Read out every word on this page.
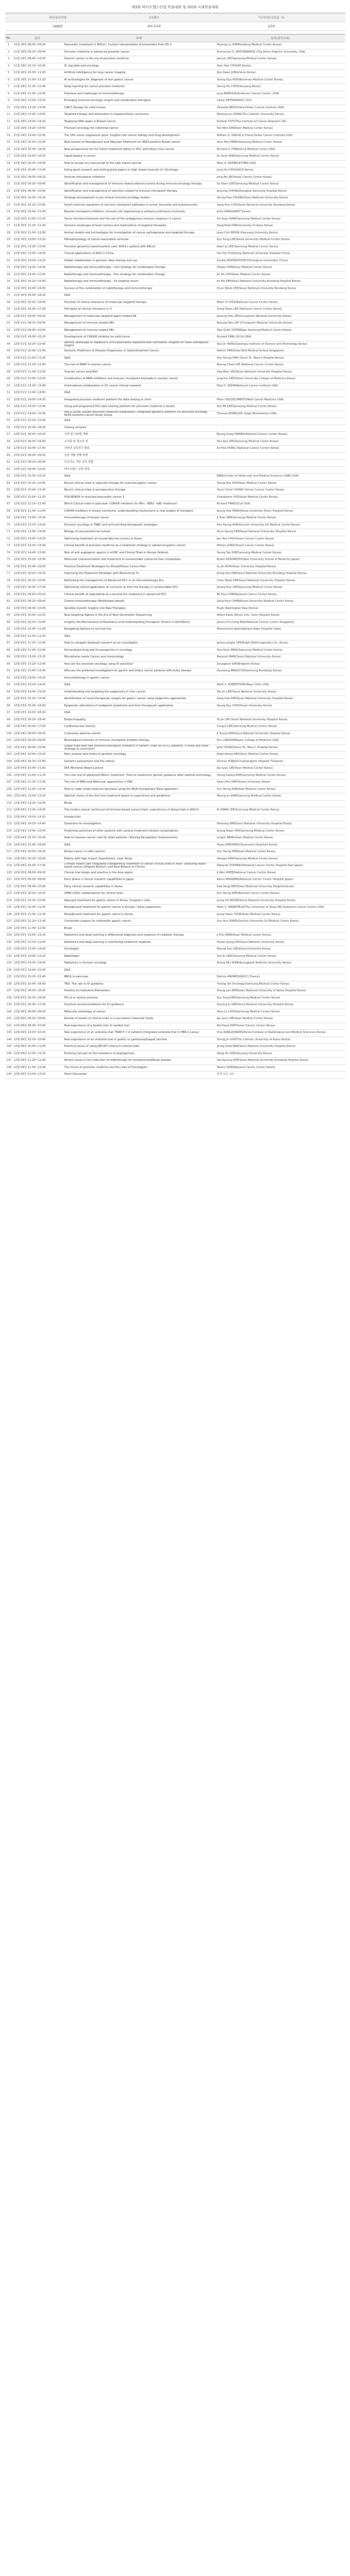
제3회 바이오헬스산업 학술대회 및 2019 국제학술대회
세미나/강연명	교육횟수	이수단위/시간(총 시)
1608명	세미나단위	1단위
No.	일시	주제	강사(연구소속)
1	11월 29일 09:00~09:20	Pancreatic treatment in NSCLC: Current interpretation of prevention from PD-1	Wuxing Lu (KPMGenborg Medical Center Korea)
2	11월 29일 09:20~09:40	Precision medicine in advanced prostate cancer	Emmanuel S. ANTONARAKIS (The Johns Hopkins University, USA)
3	11월 29일 09:40~10:10	Generic cancer in the era of precision medicine	Jaecue LEE(Samsung Medical Center Korea)
4	11월 29일 10:10~10:30	IS: big data and oncology	Yoon Soo CHOI(KP Korea)
5	11월 29일 10:30~11:00	Artificial intelligence for lung cancer imaging	Kyu Hwan JUNG(Vuno Korea)
6	11월 29일 11:00~11:20	AI technologies for diagnosis of skin gastric cancer	Seung Gyu KOH(Boramae Medical Center Korea)
7	11월 29일 11:20~11:40	Deep learning for cancer precision medicine	Seong Ho CHOI(Hanyang Korea)
8	11월 29일 11:40~12:00	Promises and challenges of immunotherapy	Jung MAMOUR(Anderson Cancer Center, USA)
9	11월 29일 13:00~13:20	Emerging immuno-oncology targets and combination therapies	Cathy PIETRANGELO (GU)
10	11월 29일 13:20~13:40	CAR-T therapy for solid tumors	Oswaldo BELE(Dana-Farber Cancer Institute USA)
11	11월 29일 13:40~14:00	Targeted therapy and biomarkers in hepatocellular carcinoma	Myeong Jun SONG(The Catholic University Korea)
12	11월 29일 14:00~14:20	Targeting DNA repair in Breast Cancer	Andrew TUTT(The Institute of Cancer Research UK)
13	11월 29일 14:20~14:40	Precision oncology for colorectal cancer	Tae Won KIM(Asan Medical Center Korea)
14	11월 29일 14:40~15:00	The VHL tumor suppressor gene: Insights into cancer biology and drug development	William G. KAELIN Jr.(Dana-Farber Cancer Institute USA)
15	11월 29일 15:20~15:40	New horizon of Neoadjuvant and Adjuvant Treatment on HER2-positive Breast cancer	Yeon Hee PARK(Samsung Medical Center Korea)
16	11월 29일 15:40~16:00	New perspectives for the future treatment option in HCC and biliary tract cancer	Richard S. FINN(UCLA Medical Center USA)
17	11월 29일 16:00~16:20	Liquid biopsy in cancer	Jin Seok AHN(Samsung Medical Center Korea)
18	11월 29일 16:20~16:40	How to accept my manuscript to the high impact journal	Marc A. ADDERLEY(BMJ USA)
19	11월 29일 16:40~17:00	Doing good research and writing great papers in high impact journals (in Oncology)	Jung Ho CHOI(AACR Korea)
20	11월 30일 09:00~09:20	Immune checkpoint inhibitors	Jong Mu SE(Yonsei Cancer Center Korea)
21	11월 30일 09:20~09:40	Identification and management of immune related adverse events during immuno-oncology therapy	Se Hoon LEE(Samsung Medical Center Korea)
22	11월 30일 09:40~10:00	Identification and management of toxicities related to immune checkpoint therapy	Jaeyong CHUNG(Kangbuk Samsung Hospital Korea)
23	11월 30일 10:00~10:20	Strategy development in pre-clinical immuno-oncology studies	Young-Hwa CHUNG(Seoul National University Korea)
24	11월 30일 10:20~10:40	Small molecule regulators of immune checkpoint pathways in tumor immunity and autoimmunity	Sang Hun CHO(Seoul National University Bundang Korea)
25	11월 30일 10:40~11:00	Beyond checkpoint inhibitors: immune cell engineering to enhance anticancer immunity	Jinho KANG(KAIST Korea)
26	11월 30일 11:00~11:20	Tumor microenvironment and the role of the endogenous immune response in cancer	Do Hyun NAM(Samsung Medical Center Korea)
27	11월 30일 11:20~11:40	Genomic landscape of brain tumors and implications of targeted therapies	Sang-Yeob KIM(University of Ulsan Korea)
28	11월 30일 11:40~12:00	Animal models and technologies for investigation of cancer pathogenesis and targeted therapy	Jean-Chul MOON (Hanyang University Korea)
29	11월 30일 13:00~13:20	Pathophysiology of cancer-associated cachexia	Kyu Sung LEE(Korea University Medical Center Korea)
30	11월 30일 13:20~13:40	Precision genomics-based patient care: ROS1+ patient with NSCLC	Kwon Jo LEE(Samsung Medical Center Korea)
31	11월 30일 13:40~14:00	Clinical applications of NGS in China	Yan Fan FU(Peking National University Hospital China)
32	11월 30일 14:00~14:20	Global collaboration in genomic data sharing and use	Sunkie MOON(POSTECH(tsinghua University) China)
33	11월 30일 14:20~14:40	Radiotherapy and immunotherapy - new strategy for combination therapy	Hojeen HAN(Asan Medical Center Korea)
34	11월 30일 14:40~15:00	Radiotherapy and Immunotherapy - fine strategy for combination therapy	Jin Ho CHO(Asan Medical Center Korea)
35	11월 30일 15:20~15:40	Radiotherapy and Immunotherapy - Its ongoing issues	Jin-Ha KIM(Seoul National University Bundang Hospital Korea)
36	11월 30일 15:40~16:00	Success of the combination of radiotherapy and immunotherapy	Hyun Wook LEE(Seoul National University Bundang Korea)
37	11월 30일 16:00~16:20	Q&A	-
38	11월 30일 16:20~16:40	Precision of clinical relevance of molecular targeted therapy	Moon YI CHOI(National Cancer Center Korea)
39	11월 30일 16:40~17:00	Principles of clinical relevance in CI	Dong Hwan LEE (National Cancer Center Korea)
40	12월 01일 09:00~09:20	Management of molecular targeted agent related AE	Kyoung Hee LEE(Chungnam National University Korea)
41	12월 01일 09:20~09:40	Management of immune-related AEs	Kyoung Hee LEE (Chungnam National University Korea)
42	12월 01일 09:40~10:00	Management of immune related AEs	Tara GLAV (NTMSKaps Samsung Medical Center Korea)
43	12월 01일 10:00~10:20	Development of CDK4/6 inhibitor for solid tumor	Richard FINN (UCLA USA)
44	12월 01일 10:20~10:40	Identify landscape of hepatitis B virus associated hepatocellular carcinoma: Insights for novel therapeutic targets	Soo Jin HONG(Gwangju Institute of Science and Technology Korea)
45	12월 01일 10:40~11:00	Genomic Predictors of Disease Progression in Gastrointestinal Cancer	Patrick TAN(Duke-NUS Medical School Singapore)
46	12월 01일 11:00~11:20	Q&A	Hye Seung HAN (Seoul St. Mary's Hospital Korea)
47	12월 01일 11:20~11:40	The role of PARP in ovarian cancer	Myong Cheol LIM (National Cancer Center Korea)
48	12월 01일 11:40~12:00	Ovarian cancer and NGS	Dae-Won LEE(Seoul National University Hospital Korea)
49	12월 01일 13:00~13:20	Combination of PARP inhibitors and immune checkpoint blockade in ovarian cancer	Jung-Yun LEE(Yonsei University College of Medicine Korea)
50	12월 01일 13:20~13:40	International collaboration in GY cancer clinical research	Eliza C. KOHN(National Cancer Institute USA)
51	12월 01일 13:40~14:00	Q&A	-
52	12월 01일 14:00~14:20	Integrated precision medicine platform for data sharing in clinic	Peter GOLDSCHMIDT(Weill Cornell Medicine USA)
53	12월 01일 14:20~14:40	Using anti-programed PD1 data sharing platform for precision medicine in breast	Eun-Mi KIM(Samsung Medical Center Korea)
54	12월 01일 14:40~15:00	AACR GENIE (breast precision medicine integration): Integrated genomic platform for precision oncology, ACES Genome Cancer Study Group	Thomas RISMILLER (Sage Bionetworks USA)
55	12월 01일 15:20~15:40	Q&A	-
56	12월 01일 15:40~16:00	Closing remarks	-
57	12월 01일 16:00~16:20	신약 및 치료법 개발	Byung Soog HWANG(National Cancer Center Korea)
58	12월 01일 16:20~16:40	소아암 및 청소년 암	Hee Kyu LEE(Samsung Medical Center Korea)
59	12월 01일 16:40~17:00	산학연 공동연구 발표	Jin-Hee HONG (National Cancer Center Korea)
60	12월 02일 09:00~09:20	신약 개발 정책 방향	-
61	12월 02일 09:20~09:40	인공지능 기반 신약 개발	-
62	12월 02일 09:40~10:00	바이오헬스 산업 전망	-
63	12월 02일 10:00~10:20	Q&A	NIBR(Center for Molecular and Medical Sciences (UNE) USA)
64	12월 02일 10:20~10:40	Recent clinical trials in adjuvant therapy for resected gastric cancer	Young Hee KOH(Asan Medical Center Korea)
65	12월 02일 10:40~11:00	Recent clinical trials in perioperative therapy	Hyun Cheol CHUNG (Yonsei Cancer Center Korea)
66	12월 02일 11:00~11:20	FOLFIRINOX in resected pancreatic cancer 1	Changhoon YOO(Asan Medical Center Korea)
67	12월 02일 11:20~11:40	Which Clinical trials in pancreas: CDK4/6 inhibitors for HR+, HER2- mBC treatment	Richard FINN(UCLA USA)
68	12월 02일 11:40~12:00	CDK4/6 inhibitors in breast carcinoma: understanding mechanisms & new targets of therapies	Kyung Hae PARK(Korea University Anam Hospital Korea)
69	12월 02일 13:00~13:20	Immunotherapy of breast cancer	Ji Yeon KIM(Samsung Medical Center Korea)
70	12월 02일 13:20~13:40	Precision oncology in TNBC and anti-vomiting therapeutic strategies	Hee Kyung AHN(Gachon University Gil Medical Center Korea)
71	12월 02일 13:40~14:00	Biology of neuroendocrine tumors	Hyun Kyung KIM(Seoul National University Hospital Korea)
72	12월 02일 14:00~14:20	Optimizing treatment of neuroendocrine tumors in Korea	Jae Hee CHO(Yonsei Cancer Center Korea)
73	12월 02일 14:20~14:40	Clinical benefit of precision medicine as a treatment strategy in advanced gastric cancer	Minkyu JUNG(Yonsei Cancer Center Korea)
74	12월 02일 14:40~15:00	Role of anti-angiogenic agents in mCRC and Clinical Trials in Korean Patients	Seung Tae KIM(Samsung Medical Center Korea)
75	12월 02일 15:20~15:40	Molecular characterization and treatment of unresectable colorectal liver metastases	Kyoko HASHIMOTO(Keio University School of Medicine Japan)
76	12월 02일 15:40~16:00	Practical Treatment Strategies for Breast/Ovary Cancer Pain	Su Jin KOH(Ulsan University Hospital Korea)
77	12월 02일 16:00~16:20	Improving the Treatment Paradigm with Monoclonal Tx	Jeong-Soo KIM(Seoul National University Bundang Hospital Korea)
78	12월 02일 16:20~16:40	Rethinking the management of Advanced HCC in an Immunotherapy Era	Chan Wook KIM(Seoul National University Hospital Korea)
79	12월 02일 16:40~17:00	Optimizing clinical application of curcumin as first line therapy in unresectable HCC	Kyung-Hun LEE(Samsung Medical Center Korea)
80	12월 03일 09:00~09:20	Clinical benefit of regorafenib as a second-line treatment in advanced HCC	Bo Hyun KIM(National Cancer Center Korea)
81	12월 03일 09:20~09:40	Chemo-immunotherapy (Multikinase-based)	Sang Hyun SHIN(Korea University Medical Center Korea)
82	12월 03일 09:40~10:00	Sensible Genetic Insights into New Therapies	Hugh Washington Kwa (Korea)
83	12월 03일 10:00~10:20	New-targeting Agents in the Era of Next Generation Sequencing	Albert Kwok (Korea Univ. Guro Hospital Korea)
84	12월 03일 10:20~10:40	Insights into Mechanisms of Resistance and Understanding Oncogenic Drivers in ALK-NSCLC	James Chi Ching BAO(National Cancer Center Singapore)
85	12월 03일 10:40~11:00	Navigating Options to survival line	Mohammed Jaberi(Ajinkya Baba Hospital India)
86	12월 03일 11:00~11:20	Q&A	-
87	12월 03일 11:20~11:40	How to navigate biobased research as an investigator	James Jungho LEE(Bright Biotherapeutics Inc. Korea)
88	12월 03일 11:40~12:00	Personalized drug and its perspective in oncology	Soo Hyun PARK(Samsung Medical Center Korea)
89	12월 03일 13:00~13:20	Microbiome meets Cancer and Immunology	Naoyuki PARK(Seoul National University Korea)
90	12월 03일 13:20~13:40	How are the precision oncology using AI solutions?	Seungwon KIM(Bridgene Korea)
91	12월 03일 13:40~14:00	Who are the preferred investigators for gastric and biliary cancer patients with bulky disease	Hyunjung PARK(CSS(Samsung Bundang) Korea)
92	12월 03일 14:00~14:20	Immunotherapy in gastric cancer	-
93	12월 03일 14:20~14:40	Q&A	Keith S. ROBERTSON(Mayo Clinic USA)
94	12월 03일 14:40~15:00	Understanding and targeting the epigenome in liver cancer	Tae Jin LEE(Seoul National University Korea)
95	12월 03일 15:20~15:40	Identification of novel therapeutic targets for gastric cancer using epigenetic approaches	Sang Gon KIM(Seoul National University Hospital Korea)
96	12월 03일 15:40~16:00	Epigenetic alterations of malignant lymphoma and their therapeutic application	Seung Kyu CHO(Yonsei University Korea)
97	12월 03일 16:00~16:20	Q&A	-
98	12월 03일 16:20~16:40	Endocrinopathy	Ye Jin LIM (Seoul National University Hospital Korea)
99	12월 03일 16:40~17:00	Cardiovascular toxicity	Sung-Ji LEE(Samsung Medical Center Korea)
100	12월 04일 09:00~09:20	Cutaneous adverse events	Ji Young KIM(Seoul National University Hospital Korea)
101	12월 04일 09:20~09:40	Neurological toxicities of immune checkpoint inhibitor therapy	Eric LARSON(Baylor College of Medicine USA)
102	12월 04일 09:40~10:00	Global trials with two immune-checkpoint inhibitors in tumors: trials for PD-L1 patients: Is there any other strategy to overcome?	Julia YOUNG(Seoul St. Mary's Hospital Korea)
103	12월 04일 10:00~10:20	Past, present and future of geriatric oncology	Kwan-Young SEO(Asan Medical Center Korea)
104	12월 04일 10:20~10:40	Geriatric assessment and the elderly	Siriurut YUNJIS(Chulalongkorn Hospital Thailand)
105	12월 04일 10:40~11:00	SKK Memorial Award Lecture	Jae-Lyun LEE(Asan Medical Center Korea)
106	12월 04일 11:00~11:20	The core role of advanced NSCLC treatment: Time to implement genetic guidance after optimal technology	Young Kwang KIM(Samsung Medical Center Korea)
107	12월 04일 11:20~11:40	The role of MRD and Molecular approaches in HNC	Kwan-Hee KIM(Yonsei University Korea)
108	12월 04일 11:40~12:00	How to make small-molecule decisions using the Multi-Disciplinary Team approach?	Sun Young KIM(Asan Medical Center Korea)
109	12월 04일 13:00~13:20	Optimal choice of the first line treatment based on experience and guidelines	Myung-Ju AHN(Samsung Medical Center Korea)
110	12월 04일 13:20~13:40	Break	-
111	12월 04일 13:40~14:00	The medico sexual continuum of immune-based cancer trials: experiences of doing trials in NSCLC	Ki HWAN LEE(Samsung Medical Center Korea)
112	12월 04일 14:00~14:20	Introduction	-
113	12월 04일 14:20~14:40	Questions for investigators	Hoseong KIM(Seoul National University Hospital Korea)
114	12월 04일 14:40~15:00	Predicting outcomes of other patients with various treatment-related complications	Kyung Hwan KIM(Samsung Medical Center Korea)
115	12월 04일 15:20~15:40	How to improve cancer care for older patients / Nursing Recognition Improvements	Jungmi BEAK(Asan Medical Center Korea)
116	12월 04일 15:40~16:00	Q&A	Hyeju KIM(SMSH(Severance Hospital) Korea)
117	12월 04일 16:00~16:20	Breast cancer in older women	Sun Young KIM(Asan Medical Center Korea)
118	12월 04일 16:20~16:40	Elderly with high impact (hypothesis): Case Study	Yeonjae KIM(Samsung Medical Center Korea)
119	12월 04일 16:40~17:00	Chinese health care integrated transparency treatment of cancer clinical trials in Asia? (Realizing Asset-based cancer (Diligent Biotech, and Real Biotech in China))	Takayuki YOSHINO(National Cancer Center Hospital East Japan)
120	12월 05일 09:00~09:20	Clinical trial design and practice in the Asia region	Ji-Won RHEE(National Cancer Center Korea)
121	12월 05일 09:20~09:40	Early phase 1 clinical research capabilities in Japan	Kaoru NAKAJIMA(National Cancer Center Hospital Japan)
122	12월 05일 09:40~10:00	Early clinical research capabilities in Korea	Dae Seog HEO(Seoul National University Hospital Korea)
123	12월 05일 10:00~10:20	UMIN (CRD) collaborations for clinical trials	Eun Young KIM(National Cancer Center Korea)
124	12월 05일 10:20~10:40	Adjuvant treatment for gastric cancer in Korea: Surgeon's view	Jeong Ho MOON(Seoul National University Hospital Korea)
125	12월 05일 10:40~11:00	Neoadjuvant treatment for gastric cancer in Europe / Asian experience	Peter C. MANSFIELD(The University of Texas MD Anderson Cancer Center USA)
126	12월 05일 11:00~11:20	Neoadjuvant treatment for gastric cancer in Korea	Jeong Hwan YOOK(Asan Medical Center Korea)
127	12월 05일 11:20~11:40	Conversion surgery for metastatic gastric cancer	Sun Hye SONG(Gachon University Gil Medical Center Korea)
128	12월 05일 11:40~12:00	Break	-
129	12월 05일 13:00~13:20	Radiomics and deep learning in differential diagnosis and response of radiation therapy	Ji Eun PARK(Asan Medical Center Korea)
130	12월 05일 13:20~13:40	Radiomics and deep learning in monitoring treatment response	Hyeon Jeong OH(Seoul National University Korea)
131	12월 05일 13:40~14:00	Oncologist	Myung Soo LEE(Korea University Korea)
132	12월 05일 14:00~14:20	Radiologist	Yoo Jin LEE(Samsung Medical Center Korea)
133	12월 05일 14:20~14:40	Radiomics in thoracic oncology	Kyung Min SHIN(Kyungpook National University Korea)
134	12월 05일 14:40~15:00	Q&A	-
135	12월 05일 15:20~15:40	BRCA in pancreas	Fabrice ANDRE(IGR(CC) France)
136	12월 05일 15:40~16:00	TBD: The rain in IO guideline	Tiroing Q4 Oncology(Samsung Medical Center Korea)
137	12월 05일 16:00~16:20	Practice for Indicative Biomarkers	Young-Lan KIM(Seoul National University of Korea Hospital Korea)
138	12월 05일 16:20~16:40	PD-L1 in routine practice	Kyu Sung KIM(Samsung Medical Center Korea)
139	12월 05일 16:40~17:00	Practical recommendations for ICI guidance	Hyeong Ju KIM(Seoul National University Hospital Korea)
140	12월 06일 09:00~09:20	Molecular pathology of cancer	Yoon-La CHOI(Samsung Medical Center Korea)
141	12월 06일 09:20~09:40	Review of results of clinical trials in a successive molecular study	Jae Lyun LEE(Asan Medical Center Korea)
142	12월 06일 09:40~10:00	Real experience of a basket trial: A needed trial	Nei-Hyub KIM(Yonsei Cancer Center Korea)
143	12월 06일 10:00~10:20	Real experience of an umbrella trial: TRAP-P = A network integrated umbrella trial in HER-2 cancer	Vina KANG(KIRAMS(Korea Institute of Radiological and Medical Sciences) Korea)
144	12월 06일 10:20~10:40	Real experience of an umbrella trial in gastric or gastroesophageal junction	Young Jin SUH(The Catholic University of Korea Korea)
145	12월 06일 10:40~11:00	Practical issues of using RECIST criteria in clinical trials	Jeong Seob BAE(Seoul National University Hospital Korea)
146	12월 06일 11:00~11:20	Evolving concept on the resistance of angiogenesis	Dong Ho LEE(Hanyang University Korea)
147	12월 06일 11:20~11:40	Recent issues in the reduction of radiotherapy for temporomandibular disease	Tae-Kyoung KIM(Seoul National University Bundang Hospital Korea)
148	12월 06일 11:40~12:00	The future of precision medicine and the roles of Oncologists	Naomi SON(National Cancer Center Korea)
149	12월 06일 13:00~13:20	Panel Discussion	민국 모든 교수
